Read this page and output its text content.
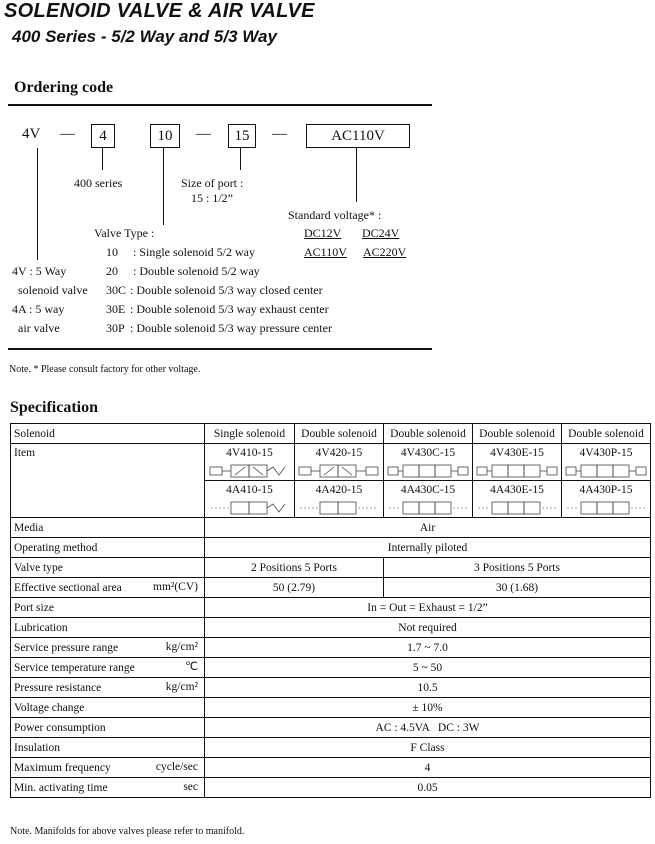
SOLENOID VALVE & AIR VALVE
400 Series - 5/2 Way and 5/3 Way
Ordering code
4V —	4	10	—	15	—	AC110V
400 series	Size of port :
15 : 1/2”
Standard voltage* :
DC12V DC24V
AC110V AC220V
Valve Type :
10 : Single solenoid 5/2 way
20 : Double solenoid 5/2 way
30C : Double solenoid 5/3 way closed center
30E : Double solenoid 5/3 way exhaust center
30P : Double solenoid 5/3 way pressure center
4V : 5 Way
solenoid valve
4A : 5 way
air valve
Note. * Please consult factory for other voltage.
Specification
Solenoid	Single solenoid	Double solenoid	Double solenoid	Double solenoid	Double solenoid
Item	4V410-15	4V420-15	4V430C-15	4V430E-15	4V430P-15

	4A410-15	4A420-15	4A430C-15	4A430E-15	4A430P-15

Media	Air				
Operating method	Internally piloted				
Valve type	2 Positions 5 Ports		3 Positions 5 Ports		
Effective sectional area mm²(CV)	50 (2.79)		30 (1.68)		
Port size	In = Out = Exhaust = 1/2”				
Lubrication	Not required				
Service pressure range kg/cm²	1.7 ~ 7.0				
Service temperature range ℃	5 ~ 50				
Pressure resistance kg/cm²	10.5				
Voltage change	± 10%				
Power consumption	AC : 4.5VA   DC : 3W				
Insulation	F Class				
Maximum frequency cycle/sec	4				
Min. activating time sec	0.05				
Note. Manifolds for above valves please refer to manifold.
